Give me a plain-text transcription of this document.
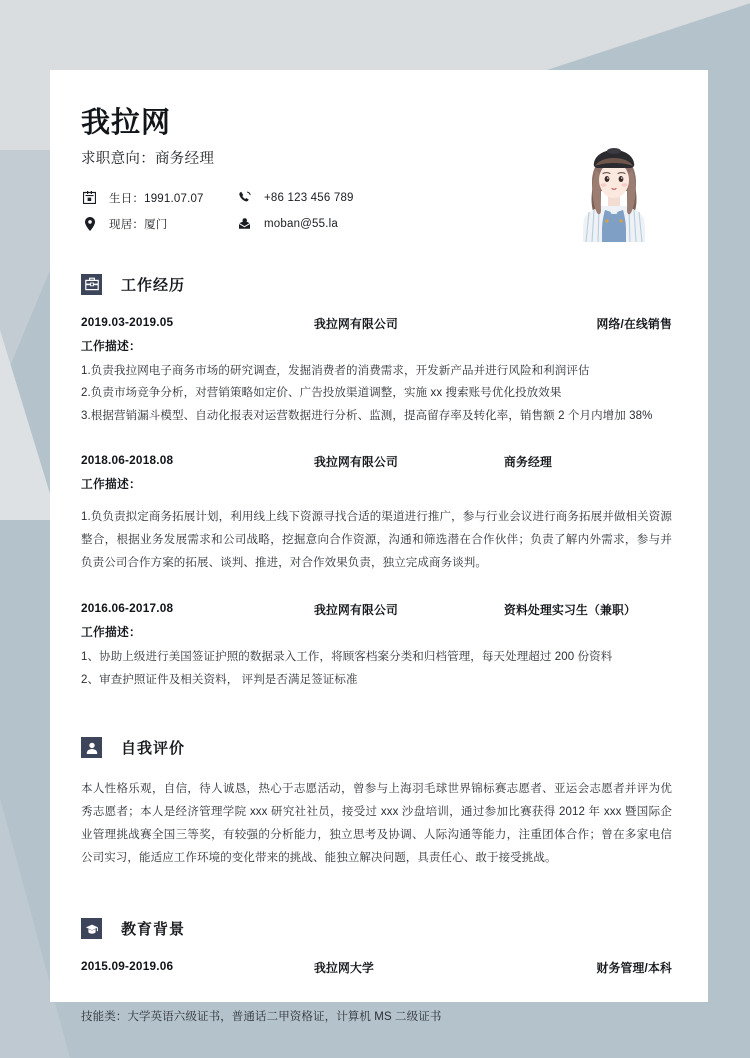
我拉网
求职意向：商务经理
生日：1991.07.07	+86 123 456 789
现居：厦门	moban@55.la
工作经历
2019.03-2019.05	我拉网有限公司	网络/在线销售
工作描述：
1.负责我拉网电子商务市场的研究调查，发掘消费者的消费需求，开发新产品并进行风险和利润评估
2.负责市场竞争分析，对营销策略如定价、广告投放渠道调整，实施 xx 搜索账号优化投放效果
3.根据营销漏斗模型、自动化报表对运营数据进行分析、监测，提高留存率及转化率，销售额 2 个月内增加 38%
2018.06-2018.08	我拉网有限公司	商务经理
工作描述：
1.负负责拟定商务拓展计划，利用线上线下资源寻找合适的渠道进行推广，参与行业会议进行商务拓展并做相关资源整合，根据业务发展需求和公司战略，挖掘意向合作资源，沟通和筛选潜在合作伙伴；负责了解内外需求，参与并负责公司合作方案的拓展、谈判、推进，对合作效果负责，独立完成商务谈判。
2016.06-2017.08	我拉网有限公司	资料处理实习生（兼职）
工作描述：
1、协助上级进行美国签证护照的数据录入工作，将顾客档案分类和归档管理，每天处理超过 200 份资料
2、审查护照证件及相关资料， 评判是否满足签证标准
自我评价
本人性格乐观，自信，待人诚恳，热心于志愿活动，曾参与上海羽毛球世界锦标赛志愿者、亚运会志愿者并评为优秀志愿者；本人是经济管理学院 xxx 研究社社员，接受过 xxx 沙盘培训，通过参加比赛获得 2012 年 xxx 暨国际企业管理挑战赛全国三等奖，有较强的分析能力，独立思考及协调、人际沟通等能力，注重团体合作；曾在多家电信公司实习，能适应工作环境的变化带来的挑战、能独立解决问题，具责任心、敢于接受挑战。
教育背景
2015.09-2019.06	我拉网大学	财务管理/本科
技能类：大学英语六级证书，普通话二甲资格证，计算机 MS 二级证书
